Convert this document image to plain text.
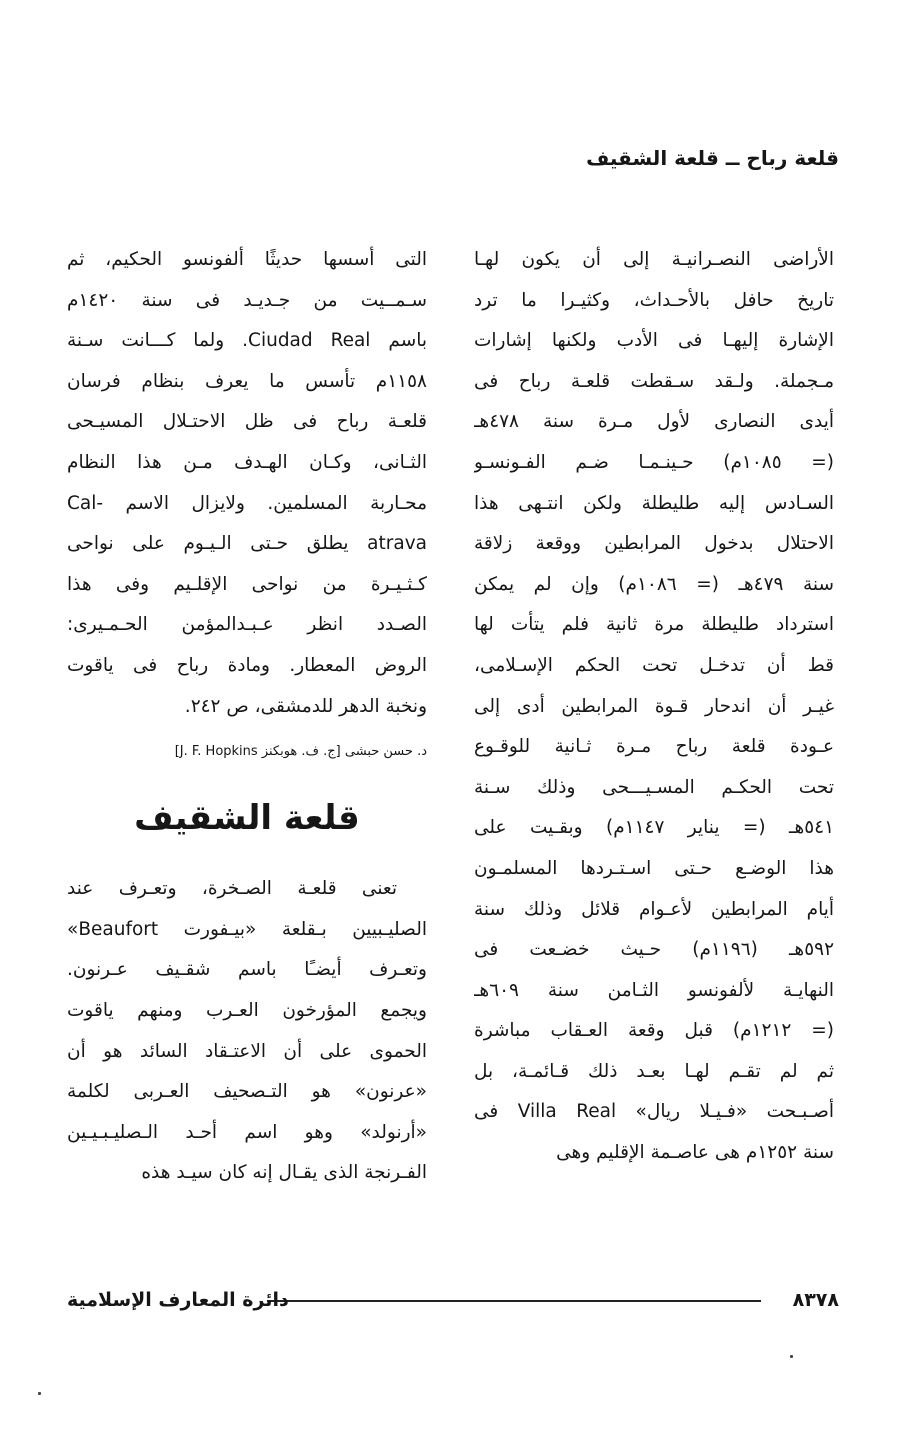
قلعة رباح ــ قلعة الشقيف
الأراضى النصـرانيـة إلى أن يكون لهـا
تاريخ حافل بالأحـداث، وكثيـرا ما ترد
الإشارة إليهـا فى الأدب ولكنها إشارات
مـجملة. ولـقد سـقطت قلعـة رباح فى
أيدى النصارى لأول مـرة سنة ٤٧٨هـ
(= ١٠٨٥م) حـينـمـا ضـم الفـونسـو
السـادس إليه طليطلة ولكن انتـهى هذا
الاحتلال بدخول المرابطين ووقعة زلاقة
سنة ٤٧٩هـ (= ١٠٨٦م) وإن لم يمكن
استرداد طليطلة مرة ثانية فلم يتأت لها
قط أن تدخـل تحت الحكم الإسـلامى،
غيـر أن اندحار قـوة المرابطين أدى إلى
عـودة قلعة رباح مـرة ثـانية للوقـوع
تحت الحكـم المسـيـــحى وذلك سـنة
٥٤١هـ (= يناير ١١٤٧م) وبقـيت على
هذا الوضـع حـتى اسـتـردها المسلمـون
أيام المرابطين لأعـوام قلائل وذلك سنة
٥٩٢هـ (١١٩٦م) حـيث خضـعت فى
النهايـة لألفونسو الثـامن سنة ٦٠٩هـ
(= ١٢١٢م) قبل وقعة العـقاب مباشرة
ثم لم تقـم لهـا بعـد ذلك قـائمـة، بل
أصـبـحت «فـيـلا ريال» Villa Real فى
سنة ١٢٥٢م هى عاصـمة الإقليم وهى
التى أسسها حديثًا ألفونسو الحكيم، ثم
سـمــيت من جـديـد فى سنة ١٤٢٠م
باسم Ciudad Real. ولما كـــانت سـنة
١١٥٨م تأسس ما يعرف بنظام فرسان
قلعـة رباح فى ظل الاحتـلال المسيـحى
الثـانى، وكـان الهـدف مـن هذا النظام
محـاربة المسلمين. ولايزال الاسم -Cal
atrava يطلق حـتى الـيـوم على نواحى
كـثـيـرة من نواحى الإقلـيم وفى هذا
الصـدد انظر عـبـدالمؤمن الحـمـيرى:
الروض المعطار. ومادة رباح فى ياقوت
ونخبة الدهر للدمشقى، ص ٢٤٢.
د. حسن حبشى [ج. ف. هوبكنز J. F. Hopkins]
قلعة الشقيف
تعنى قلعـة الصـخرة، وتعـرف عند
الصليـبيين بـقلعة «بيـفورت Beaufort»
وتعـرف أيضـًا باسم شقـيف عـرنون.
ويجمع المؤرخون العـرب ومنهم ياقوت
الحموى على أن الاعتـقاد السائد هو أن
«عرنون» هو التـصحيف العـربى لكلمة
«أرنولد» وهو اسم أحـد الـصليـبـيـين
الفـرنجة الذى يقـال إنه كان سيـد هذه
٨٣٧٨
دائرة المعارف الإسلامية
